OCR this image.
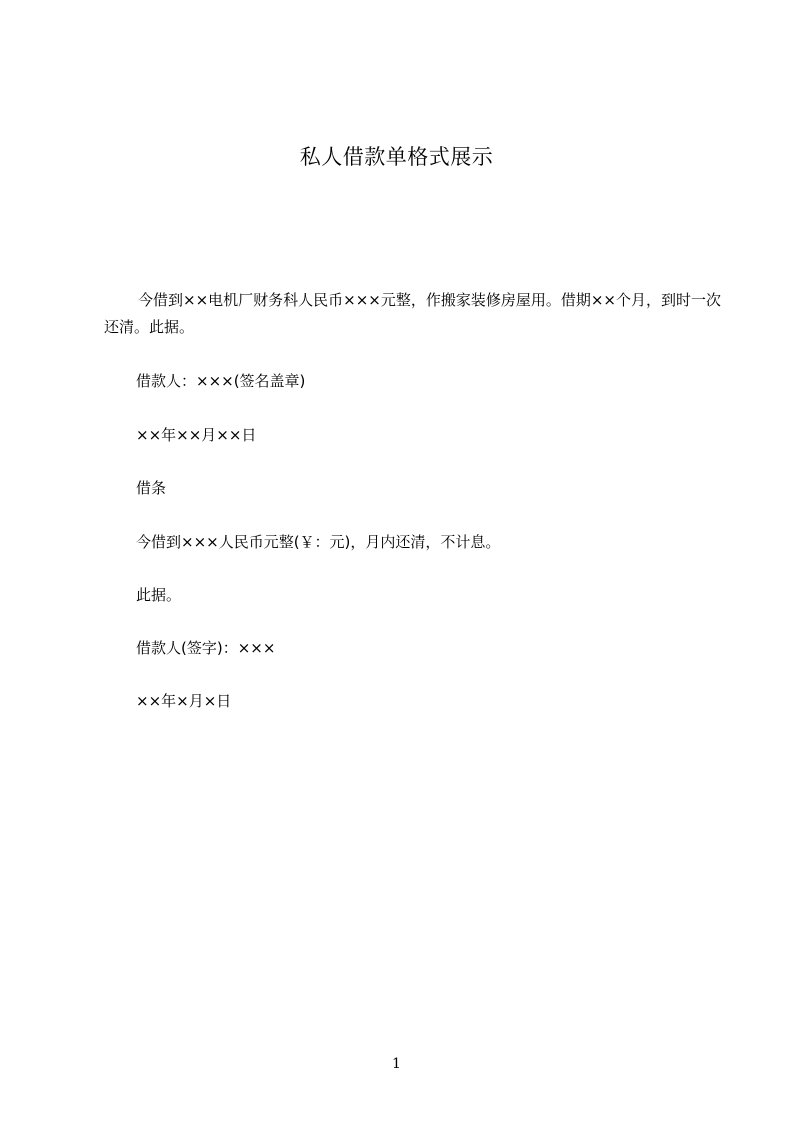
私人借款单格式展示
今借到××电机厂财务科人民币×××元整，作搬家装修房屋用。借期××个月，到时一次还清。此据。
借款人：×××(签名盖章)
××年××月××日
借条
今借到×××人民币元整(￥：元)，月内还清，不计息。
此据。
借款人(签字)：×××
××年×月×日
1
